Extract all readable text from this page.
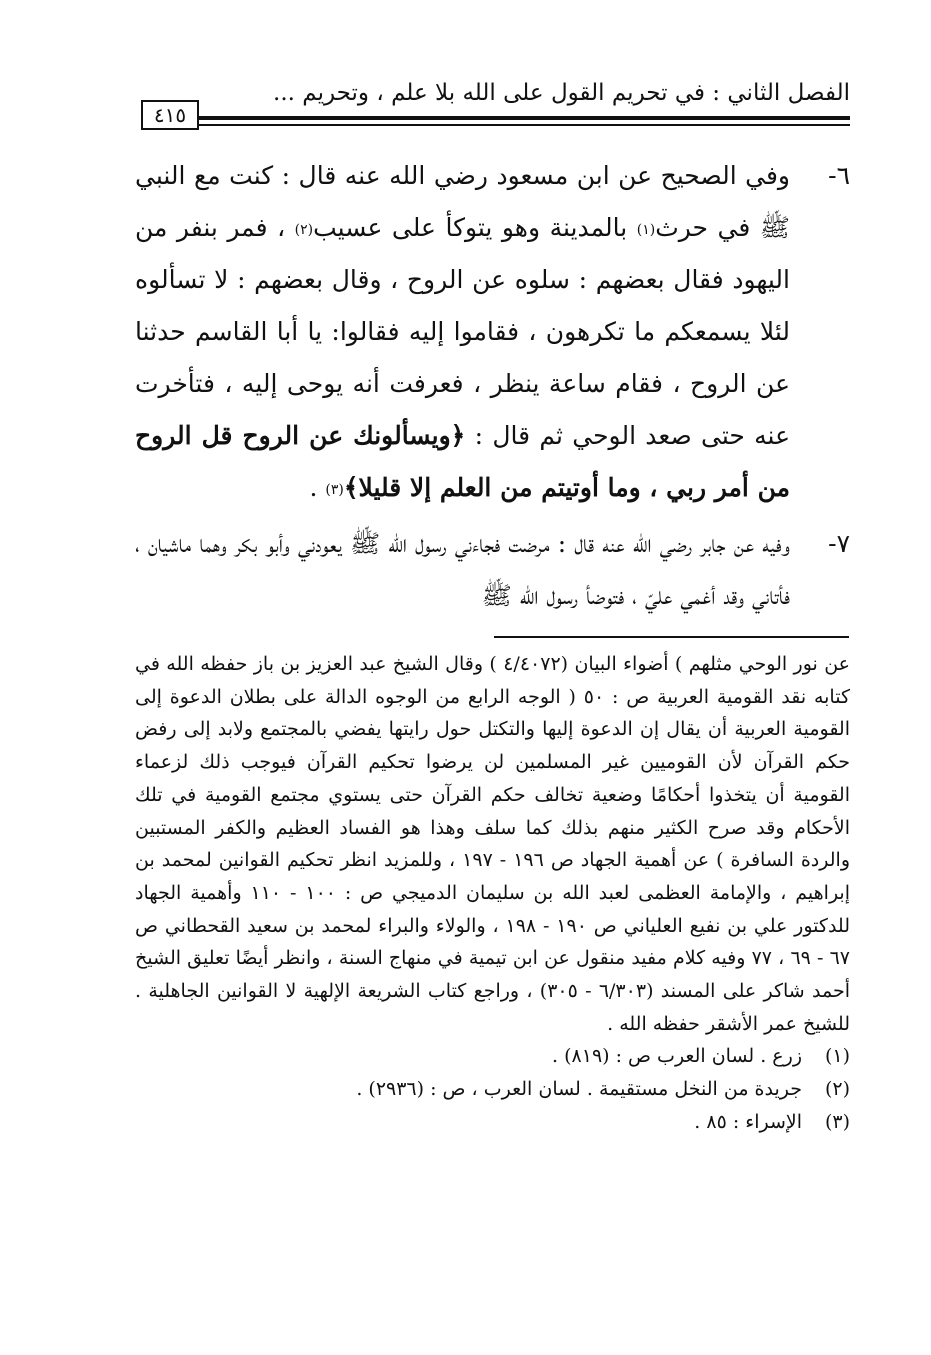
الفصل الثاني : في تحريم القول على الله بلا علم ، وتحريم ...
٤١٥
٦-
وفي الصحيح عن ابن مسعود رضي الله عنه قال : كنت مع النبي ﷺ في حرث$^{(١)}$ بالمدينة وهو يتوكأ على عسيب$^{(٢)}$ ، فمر بنفر من اليهود فقال بعضهم : سلوه عن الروح ، وقال بعضهم : لا تسألوه لئلا يسمعكم ما تكرهون ، فقاموا إليه فقالوا: يا أبا القاسم حدثنا عن الروح ، فقام ساعة ينظر ، فعرفت أنه يوحى إليه ، فتأخرت عنه حتى صعد الوحي ثم قال : ﴿ويسألونك عن الروح قل الروح من أمر ربي ، وما أوتيتم من العلم إلا قليلا﴾$^{(٣)}$ .
٧-
وفيه عن جابر رضي الله عنه قال : مرضت فجاءني رسول الله ﷺ يعودني وأبو بكر وهما ماشيان ، فأتاني وقد أغمي عليّ ، فتوضأ رسول الله ﷺ

عن نور الوحي مثلهم ) أضواء البيان (٤/٤٠٧٢ ) وقال الشيخ عبد العزيز بن باز حفظه الله في كتابه نقد القومية العربية ص : ٥٠ ( الوجه الرابع من الوجوه الدالة على بطلان الدعوة إلى القومية العربية أن يقال إن الدعوة إليها والتكتل حول رايتها يفضي بالمجتمع ولابد إلى رفض حكم القرآن لأن القوميين غير المسلمين لن يرضوا تحكيم القرآن فيوجب ذلك لزعماء القومية أن يتخذوا أحكامًا وضعية تخالف حكم القرآن حتى يستوي مجتمع القومية في تلك الأحكام وقد صرح الكثير منهم بذلك كما سلف وهذا هو الفساد العظيم والكفر المستبين والردة السافرة ) عن أهمية الجهاد ص ١٩٦ - ١٩٧ ، وللمزيد انظر تحكيم القوانين لمحمد بن إبراهيم ، والإمامة العظمى لعبد الله بن سليمان الدميجي ص : ١٠٠ - ١١٠ وأهمية الجهاد للدكتور علي بن نفيع العلياني ص ١٩٠ - ١٩٨ ، والولاء والبراء لمحمد بن سعيد القحطاني ص ٦٧ - ٦٩ ، ٧٧ وفيه كلام مفيد منقول عن ابن تيمية في منهاج السنة ، وانظر أيضًا تعليق الشيخ أحمد شاكر على المسند (٦/٣٠٣ - ٣٠٥) ، وراجع كتاب الشريعة الإلهية لا القوانين الجاهلية . للشيخ عمر الأشقر حفظه الله .

(١)
زرع . لسان العرب ص : (٨١٩) .

(٢)
جريدة من النخل مستقيمة . لسان العرب ، ص : (٢٩٣٦) .

(٣)
الإسراء : ٨٥ .
